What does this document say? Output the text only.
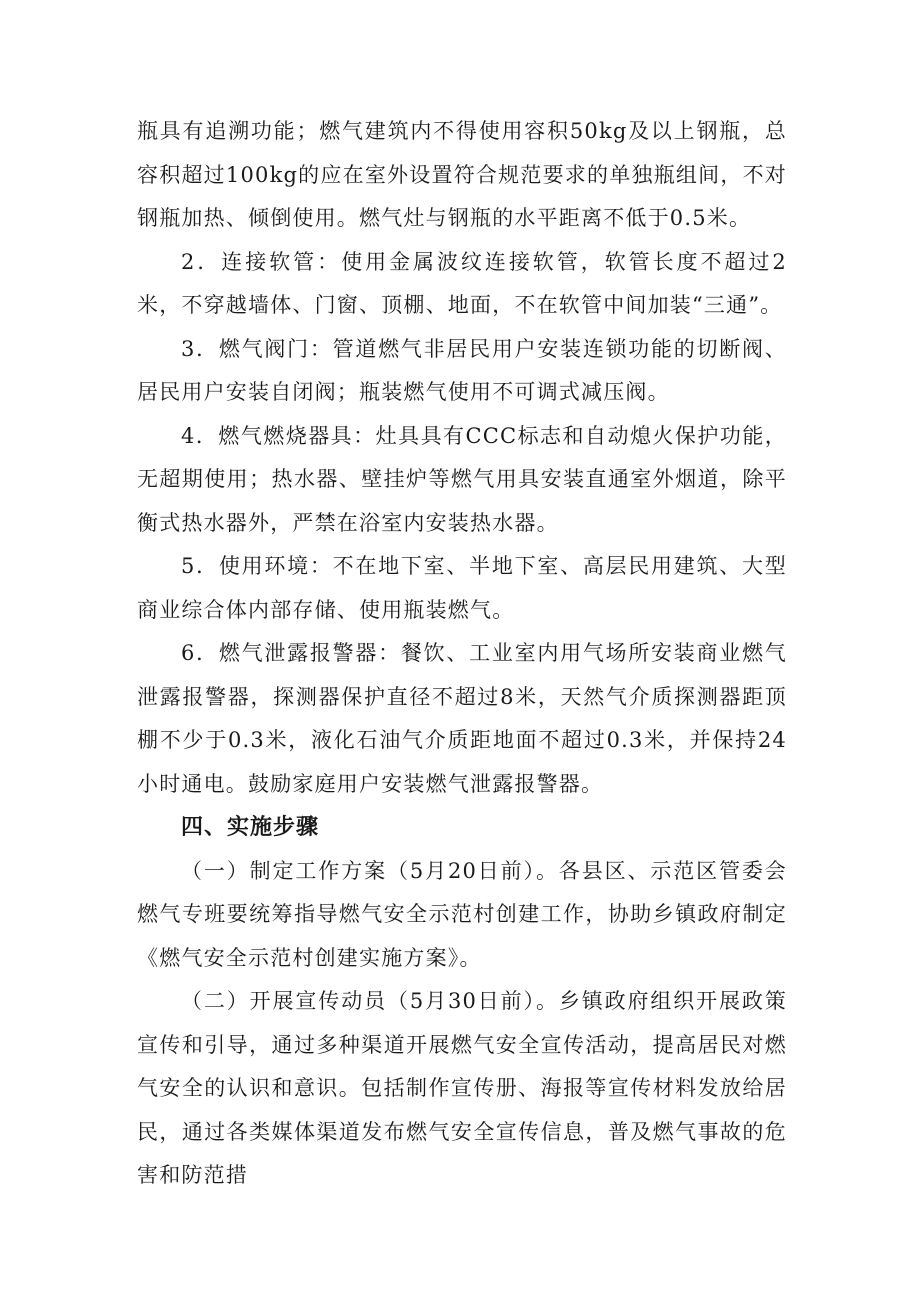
瓶具有追溯功能；燃气建筑内不得使用容积50kg及以上钢瓶，总容积超过100kg的应在室外设置符合规范要求的单独瓶组间，不对钢瓶加热、倾倒使用。燃气灶与钢瓶的水平距离不低于0.5米。

2．连接软管：使用金属波纹连接软管，软管长度不超过2米，不穿越墙体、门窗、顶棚、地面，不在软管中间加装“三通”。

3．燃气阀门：管道燃气非居民用户安装连锁功能的切断阀、居民用户安装自闭阀；瓶装燃气使用不可调式减压阀。

4．燃气燃烧器具：灶具具有CCC标志和自动熄火保护功能，无超期使用；热水器、壁挂炉等燃气用具安装直通室外烟道，除平衡式热水器外，严禁在浴室内安装热水器。

5．使用环境：不在地下室、半地下室、高层民用建筑、大型商业综合体内部存储、使用瓶装燃气。

6．燃气泄露报警器：餐饮、工业室内用气场所安装商业燃气泄露报警器，探测器保护直径不超过8米，天然气介质探测器距顶棚不少于0.3米，液化石油气介质距地面不超过0.3米，并保持24小时通电。鼓励家庭用户安装燃气泄露报警器。

四、实施步骤

（一）制定工作方案（5月20日前）。各县区、示范区管委会燃气专班要统筹指导燃气安全示范村创建工作，协助乡镇政府制定《燃气安全示范村创建实施方案》。

（二）开展宣传动员（5月30日前）。乡镇政府组织开展政策宣传和引导，通过多种渠道开展燃气安全宣传活动，提高居民对燃气安全的认识和意识。包括制作宣传册、海报等宣传材料发放给居民，通过各类媒体渠道发布燃气安全宣传信息，普及燃气事故的危害和防范措
